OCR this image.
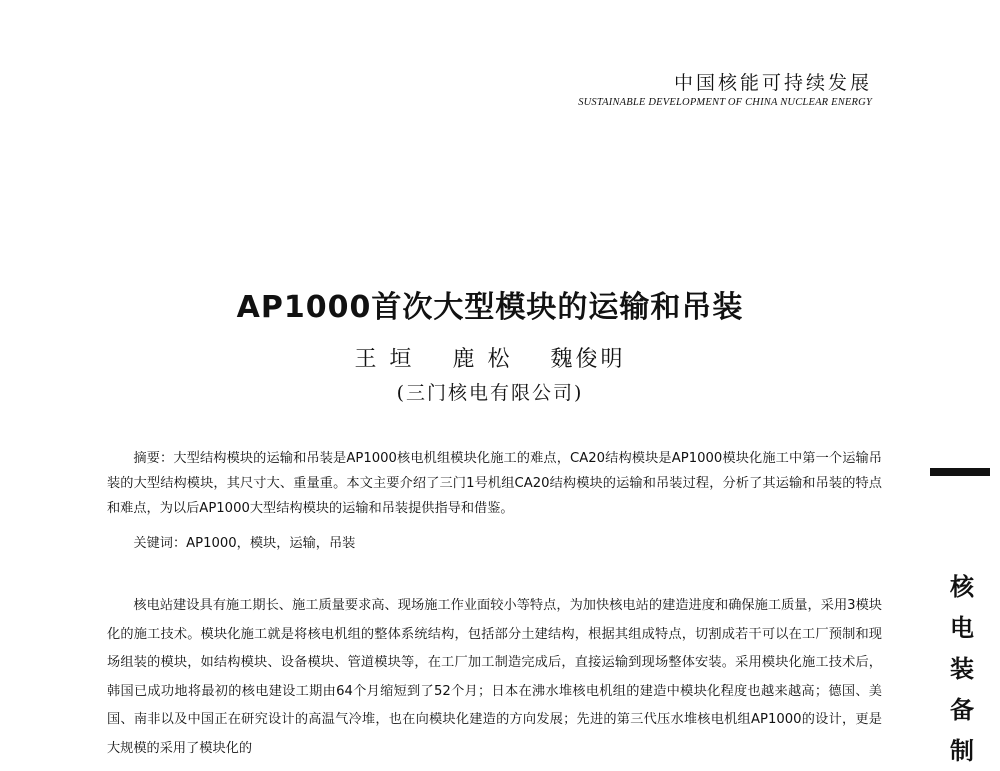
中国核能可持续发展
SUSTAINABLE DEVELOPMENT OF CHINA NUCLEAR ENERGY
AP1000首次大型模块的运输和吊装
王 垣 鹿 松 魏俊明
(三门核电有限公司)

摘要：大型结构模块的运输和吊装是AP1000核电机组模块化施工的难点，CA20结构模块是AP1000模块化施工中第一个运输吊装的大型结构模块，其尺寸大、重量重。本文主要介绍了三门1号机组CA20结构模块的运输和吊装过程，分析了其运输和吊装的特点和难点，为以后AP1000大型结构模块的运输和吊装提供指导和借鉴。

关键词：AP1000，模块，运输，吊装

核电站建设具有施工期长、施工质量要求高、现场施工作业面较小等特点，为加快核电站的建造进度和确保施工质量，采用3模块化的施工技术。模块化施工就是将核电机组的整体系统结构，包括部分土建结构，根据其组成特点，切割成若干可以在工厂预制和现场组装的模块，如结构模块、设备模块、管道模块等，在工厂加工制造完成后，直接运输到现场整体安装。采用模块化施工技术后，韩国已成功地将最初的核电建设工期由64个月缩短到了52个月；日本在沸水堆核电机组的建造中模块化程度也越来越高；德国、美国、南非以及中国正在研究设计的高温气冷堆，也在向模块化建造的方向发展；先进的第三代压水堆核电机组AP1000的设计，更是大规模的采用了模块化的

核
电
装
备
制
